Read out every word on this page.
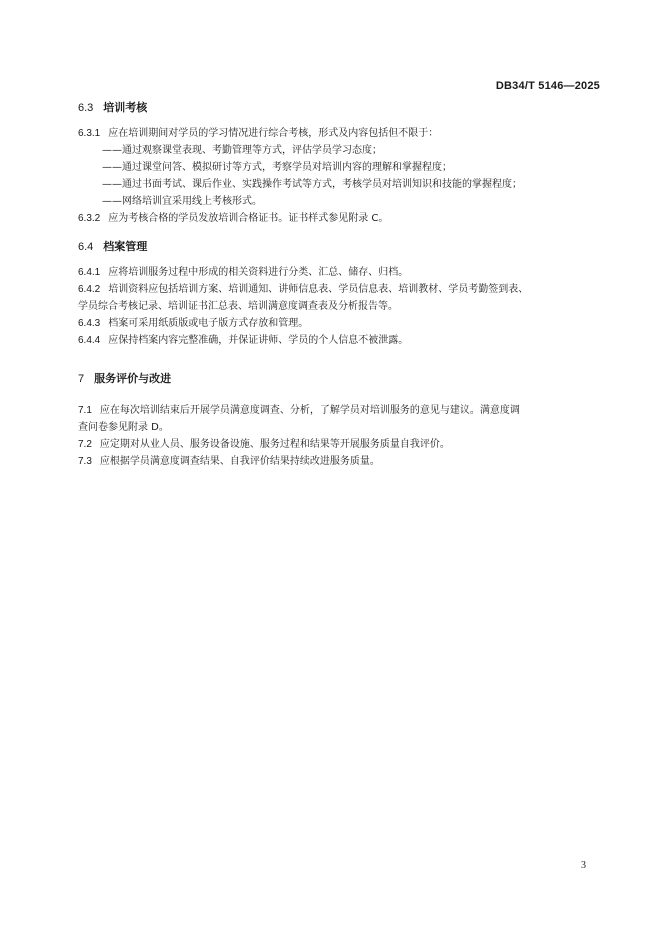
DB34/T 5146—2025
6.3 培训考核
6.3.1 应在培训期间对学员的学习情况进行综合考核，形式及内容包括但不限于：
——通过观察课堂表现、考勤管理等方式，评估学员学习态度；
——通过课堂问答、模拟研讨等方式，考察学员对培训内容的理解和掌握程度；
——通过书面考试、课后作业、实践操作考试等方式，考核学员对培训知识和技能的掌握程度；
——网络培训宜采用线上考核形式。
6.3.2 应为考核合格的学员发放培训合格证书。证书样式参见附录 C。
6.4 档案管理
6.4.1 应将培训服务过程中形成的相关资料进行分类、汇总、储存、归档。
6.4.2 培训资料应包括培训方案、培训通知、讲师信息表、学员信息表、培训教材、学员考勤签到表、
学员综合考核记录、培训证书汇总表、培训满意度调查表及分析报告等。
6.4.3 档案可采用纸质版或电子版方式存放和管理。
6.4.4 应保持档案内容完整准确，并保证讲师、学员的个人信息不被泄露。
7 服务评价与改进
7.1 应在每次培训结束后开展学员满意度调查、分析，了解学员对培训服务的意见与建议。满意度调
查问卷参见附录 D。
7.2 应定期对从业人员、服务设备设施、服务过程和结果等开展服务质量自我评价。
7.3 应根据学员满意度调查结果、自我评价结果持续改进服务质量。
3
